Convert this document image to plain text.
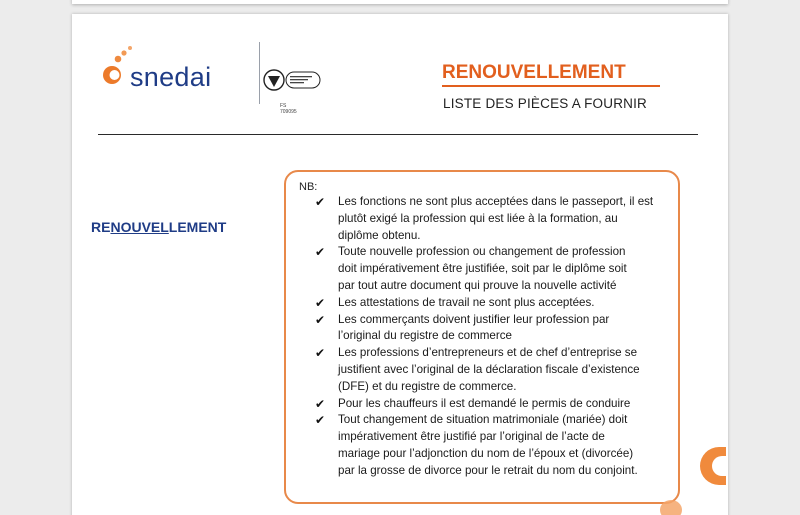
snedai
FS 709095
RENOUVELLEMENT
LISTE DES PIÈCES A FOURNIR
RENOUVELLEMENT
NB:
✔ Les fonctions ne sont plus acceptées dans le passeport, il est
plutôt exigé la profession qui est liée à la formation, au
diplôme obtenu.
✔ Toute nouvelle profession ou changement de profession
doit impérativement être justifiée, soit par le diplôme soit
par tout autre document qui prouve la nouvelle activité
✔ Les attestations de travail ne sont plus acceptées.
✔ Les commerçants doivent justifier leur profession par
l’original du registre de commerce
✔ Les professions d’entrepreneurs et de chef d’entreprise se
justifient avec l’original de la déclaration fiscale d’existence
(DFE) et du registre de commerce.
✔ Pour les chauffeurs il est demandé le permis de conduire
✔ Tout changement de situation matrimoniale (mariée) doit
impérativement être justifié par l’original de l’acte de
mariage pour l’adjonction du nom de l’époux et (divorcée)
par la grosse de divorce pour le retrait du nom du conjoint.
